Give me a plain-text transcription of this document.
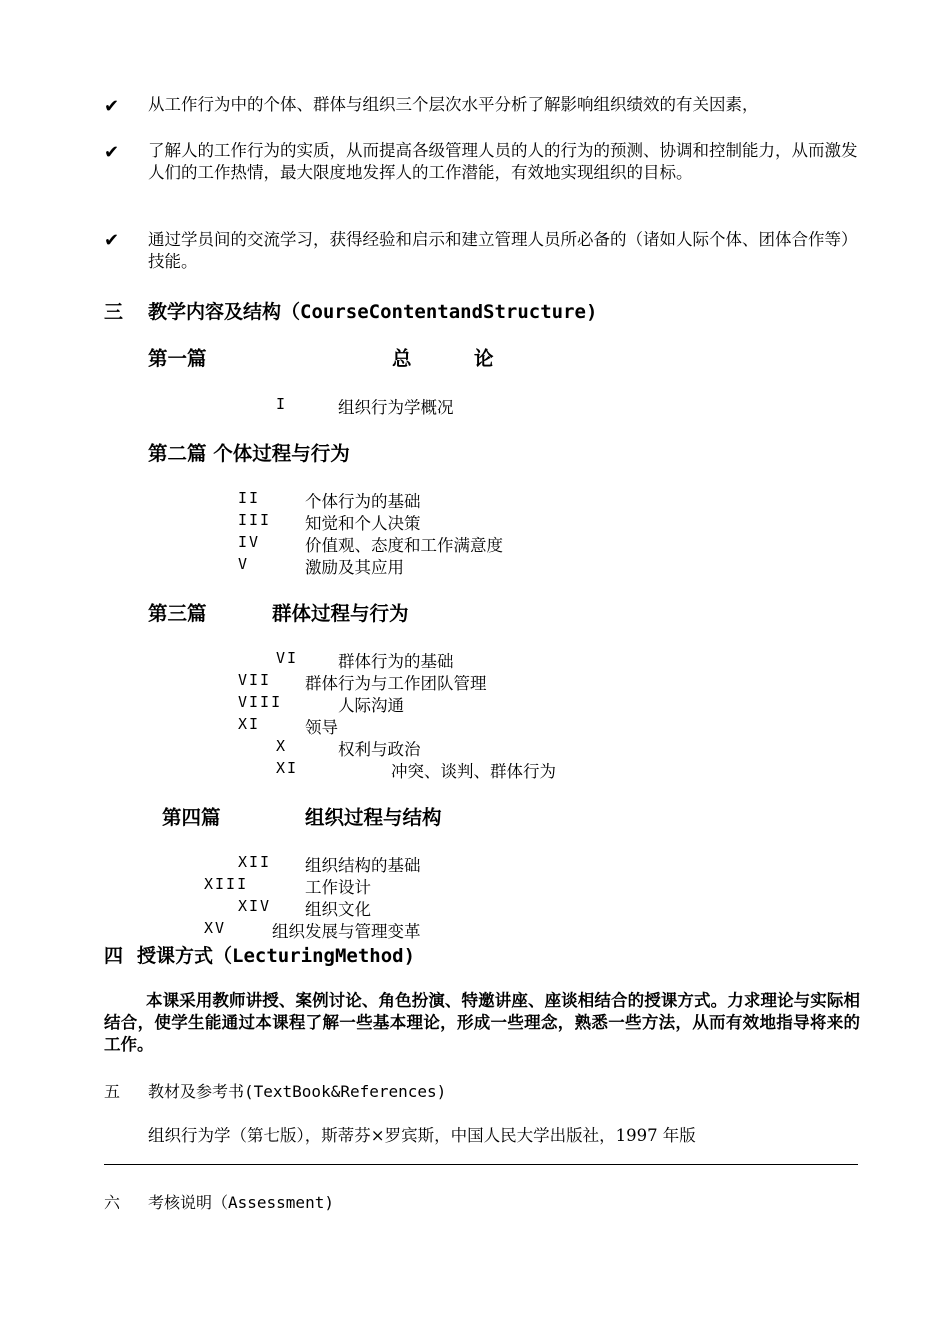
✔ 从工作行为中的个体、群体与组织三个层次水平分析了解影响组织绩效的有关因素，
✔ 了解人的工作行为的实质，从而提高各级管理人员的人的行为的预测、协调和控制能力，从而激发人们的工作热情，最大限度地发挥人的工作潜能，有效地实现组织的目标。
✔ 通过学员间的交流学习，获得经验和启示和建立管理人员所必备的（诸如人际个体、团体合作等）技能。
三 教学内容及结构（CourseContentandStructure)
第一篇	总	论
I	组织行为学概况
第二篇 个体过程与行为
II	个体行为的基础
III 知觉和个人决策
IV	价值观、态度和工作满意度
V	激励及其应用
第三篇	群体过程与行为
VI 群体行为的基础
VII 群体行为与工作团队管理
VIII	人际沟通
XI	领导
X	权利与政治
XI	冲突、谈判、群体行为
第四篇	组织过程与结构
XII 组织结构的基础
XIII	工作设计
XIV 组织文化
XV	组织发展与管理变革
四 授课方式（LecturingMethod)
本课采用教师讲授、案例讨论、角色扮演、特邀讲座、座谈相结合的授课方式。力求理论与实际相结合，使学生能通过本课程了解一些基本理论，形成一些理念，熟悉一些方法，从而有效地指导将来的工作。
五 教材及参考书(TextBook&References)
组织行为学（第七版），斯蒂芬×罗宾斯，中国人民大学出版社，1997 年版
六 考核说明（Assessment)
